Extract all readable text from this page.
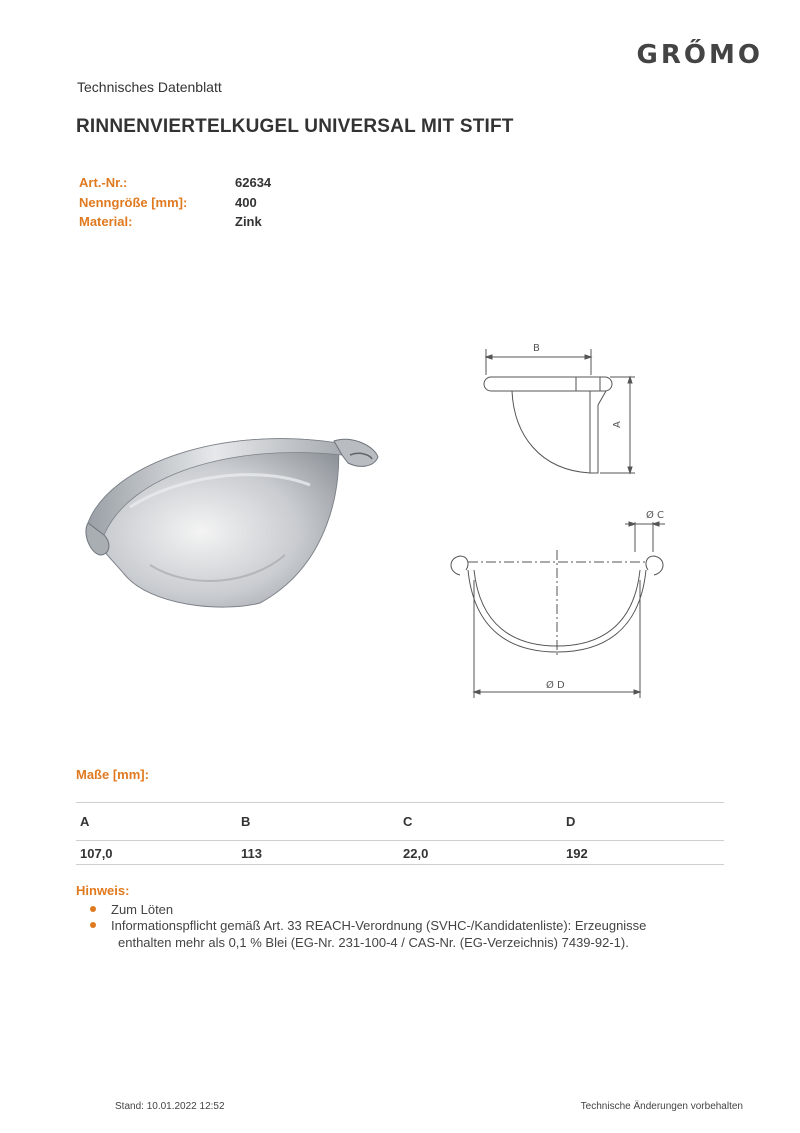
GRŐMO
Technisches Datenblatt
RINNENVIERTELKUGEL UNIVERSAL MIT STIFT
Art.-Nr.:	62634
Nenngröße [mm]:	400
Material:	Zink
B
A
Ø C
Ø D
Maße [mm]:
A	B	C	D
107,0	113	22,0	192
Hinweis:
Zum Löten
Informationspflicht gemäß Art. 33 REACH-Verordnung (SVHC-/Kandidatenliste): Erzeugnisse
enthalten mehr als 0,1 % Blei (EG-Nr. 231-100-4 / CAS-Nr. (EG-Verzeichnis) 7439-92-1).
Stand: 10.01.2022 12:52	Technische Änderungen vorbehalten
